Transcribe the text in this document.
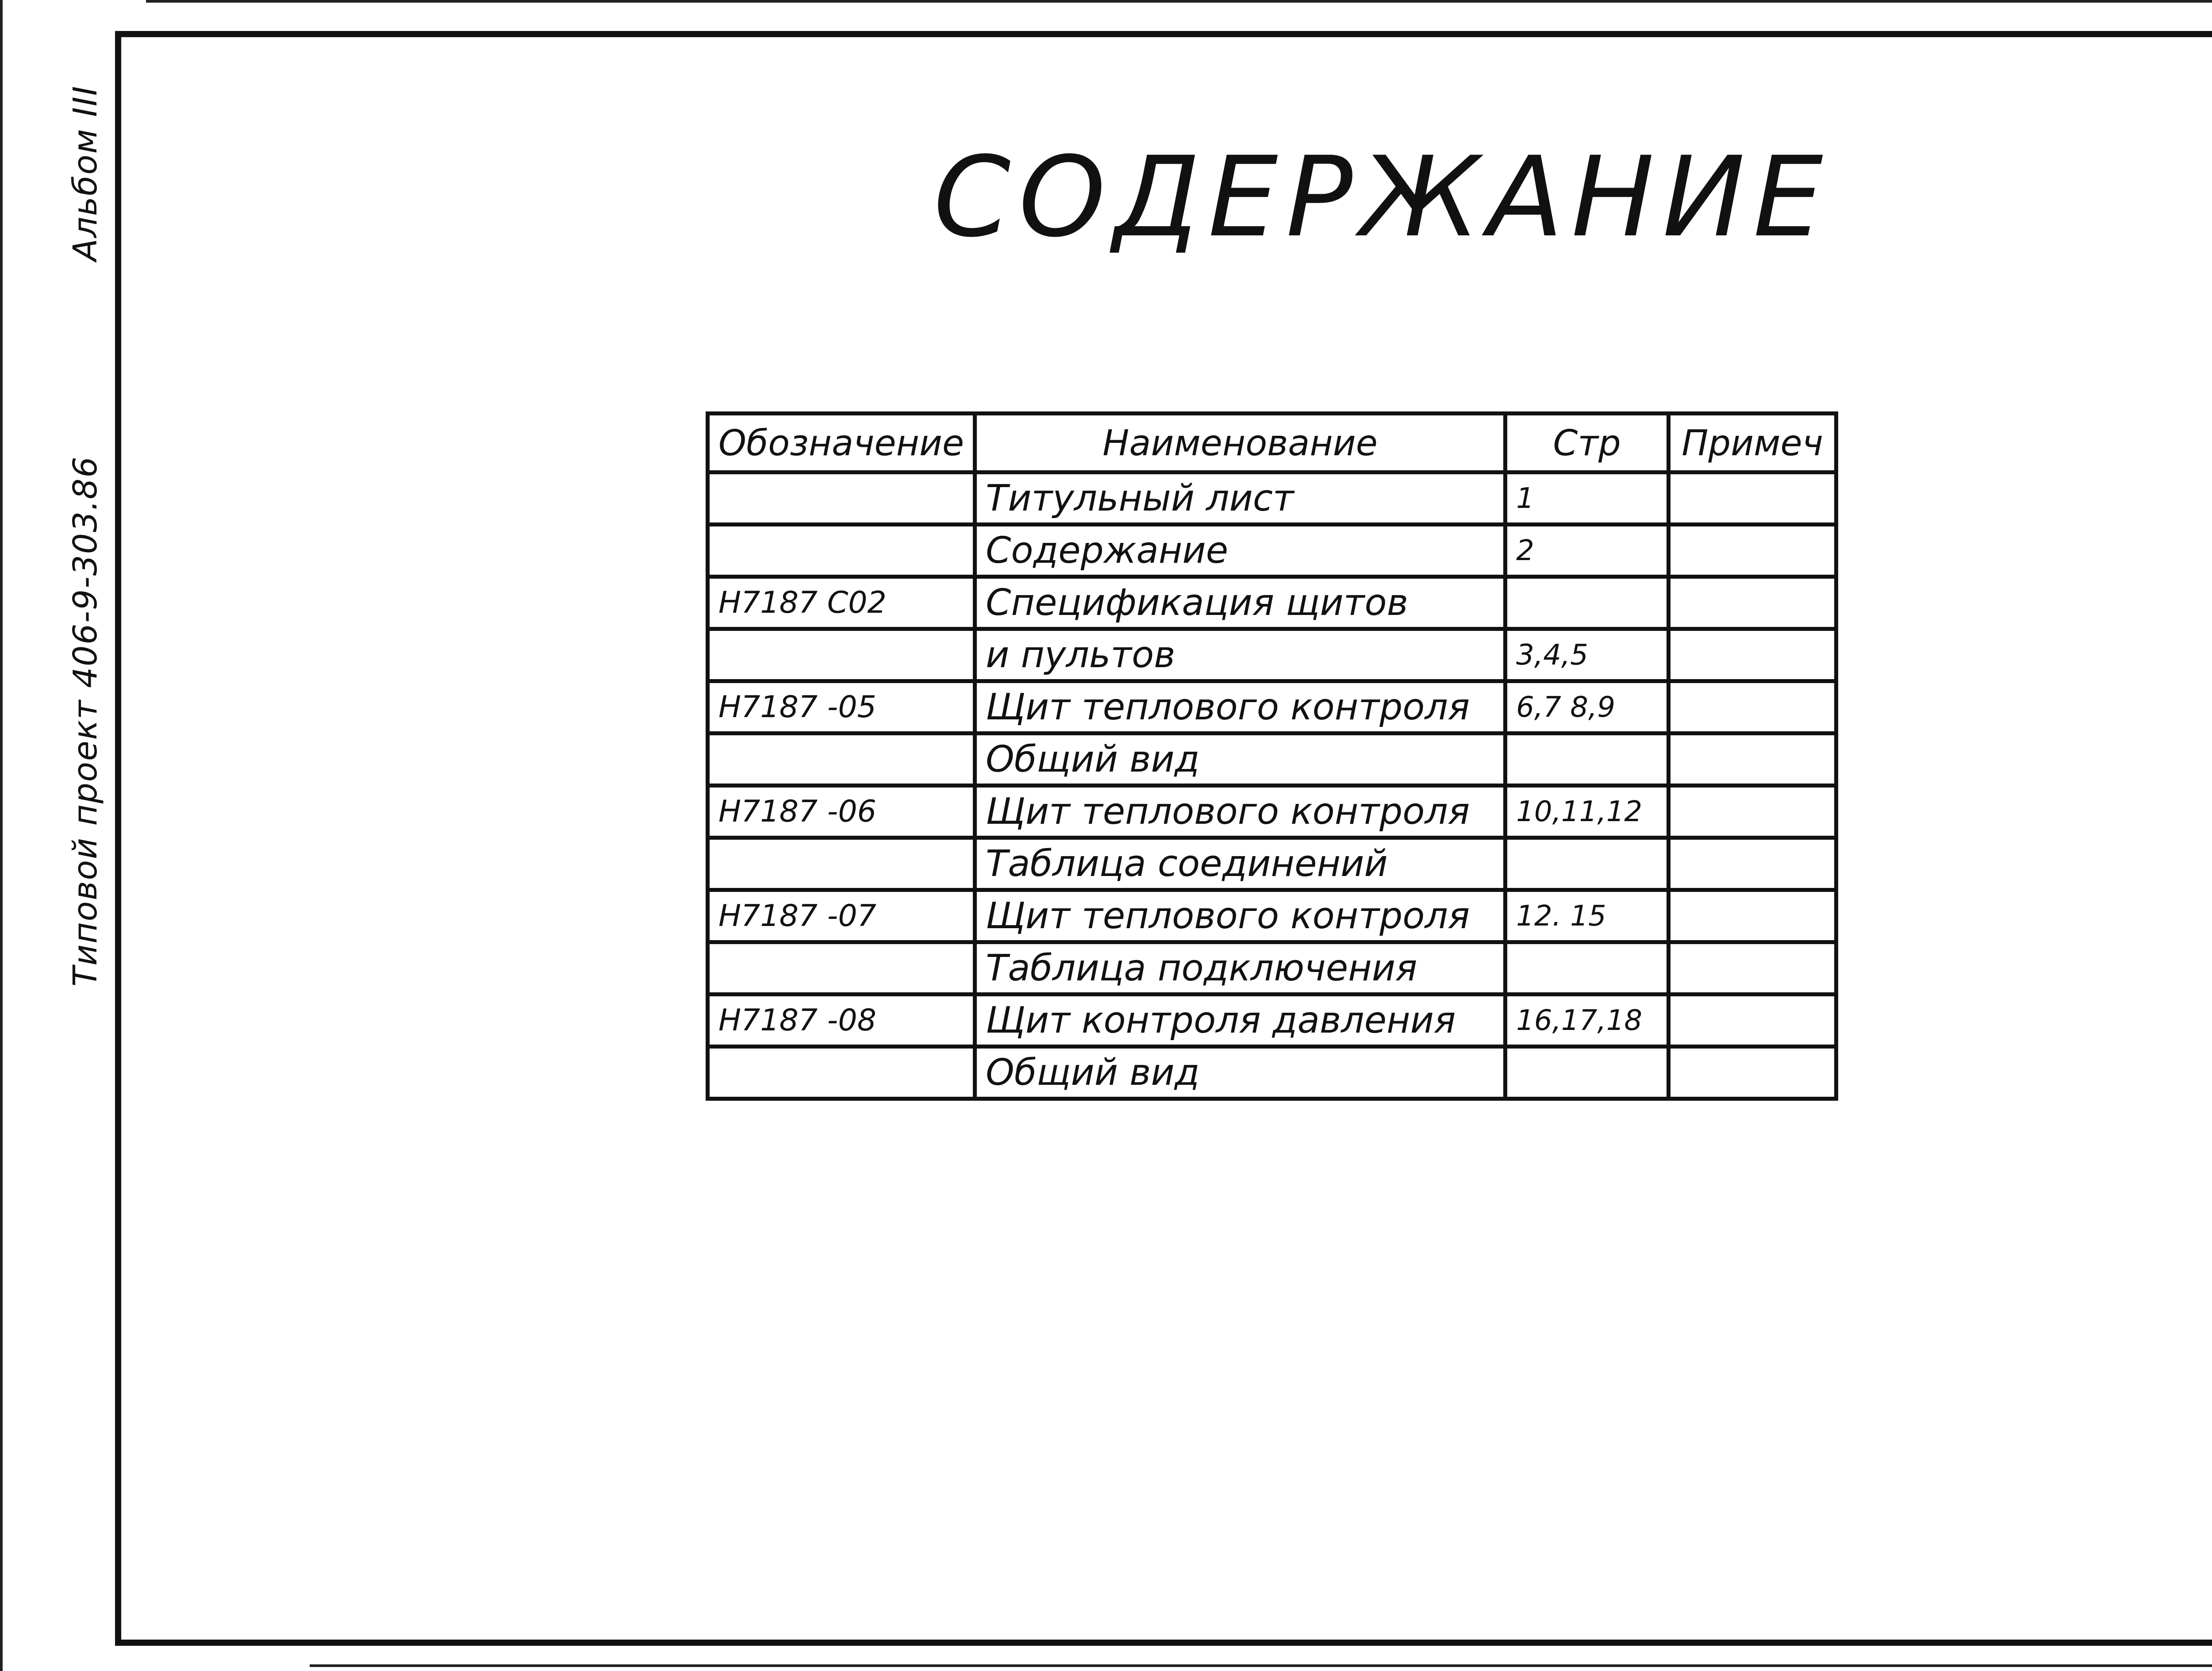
Альбом III
Типовой проект 406-9-303.86
СОДЕРЖАНИЕ
Обозначение	Наименование	Стр	Примеч
	Титульный лист	1	
	Содержание	2	
Н7187 С02	Спецификация щитов		
	и пультов	3,4,5	
Н7187 -05	Щит теплового контроля	6,7 8,9	
	Общий вид		
Н7187 -06	Щит теплового контроля	10,11,12	
	Таблица соединений		
Н7187 -07	Щит теплового контроля	12. 15	
	Таблица подключения		
Н7187 -08	Щит контроля давления	16,17,18	
	Общий вид		
